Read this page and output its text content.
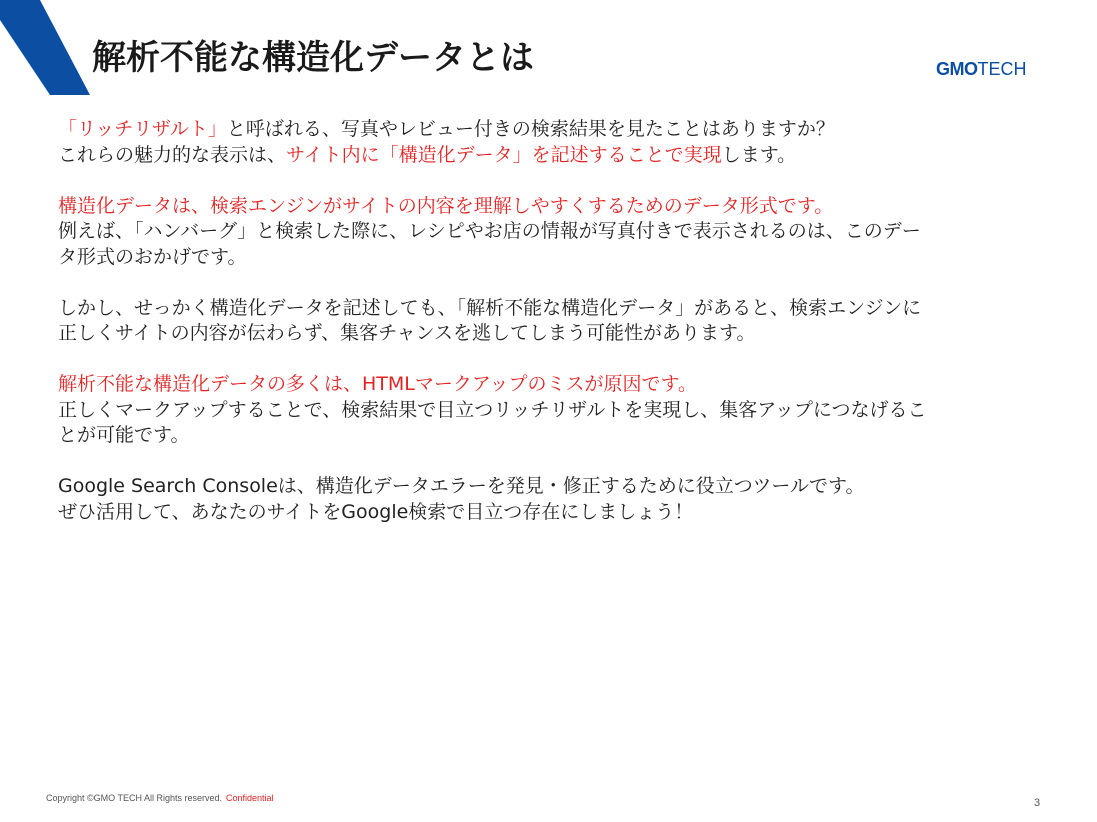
解析不能な構造化データとは	GMOTECH
「リッチリザルト」と呼ばれる、写真やレビュー付きの検索結果を見たことはありますか？
これらの魅力的な表示は、サイト内に「構造化データ」を記述することで実現します。
構造化データは、検索エンジンがサイトの内容を理解しやすくするためのデータ形式です。
例えば、「ハンバーグ」と検索した際に、レシピやお店の情報が写真付きで表示されるのは、このデー
タ形式のおかげです。
しかし、せっかく構造化データを記述しても、「解析不能な構造化データ」があると、検索エンジンに
正しくサイトの内容が伝わらず、集客チャンスを逃してしまう可能性があります。
解析不能な構造化データの多くは、HTMLマークアップのミスが原因です。
正しくマークアップすることで、検索結果で目立つリッチリザルトを実現し、集客アップにつなげるこ
とが可能です。
Google Search Consoleは、構造化データエラーを発見・修正するために役立つツールです。
ぜひ活用して、あなたのサイトをGoogle検索で目立つ存在にしましょう！
Copyright ©GMO TECH All Rights reserved. Confidential	3
